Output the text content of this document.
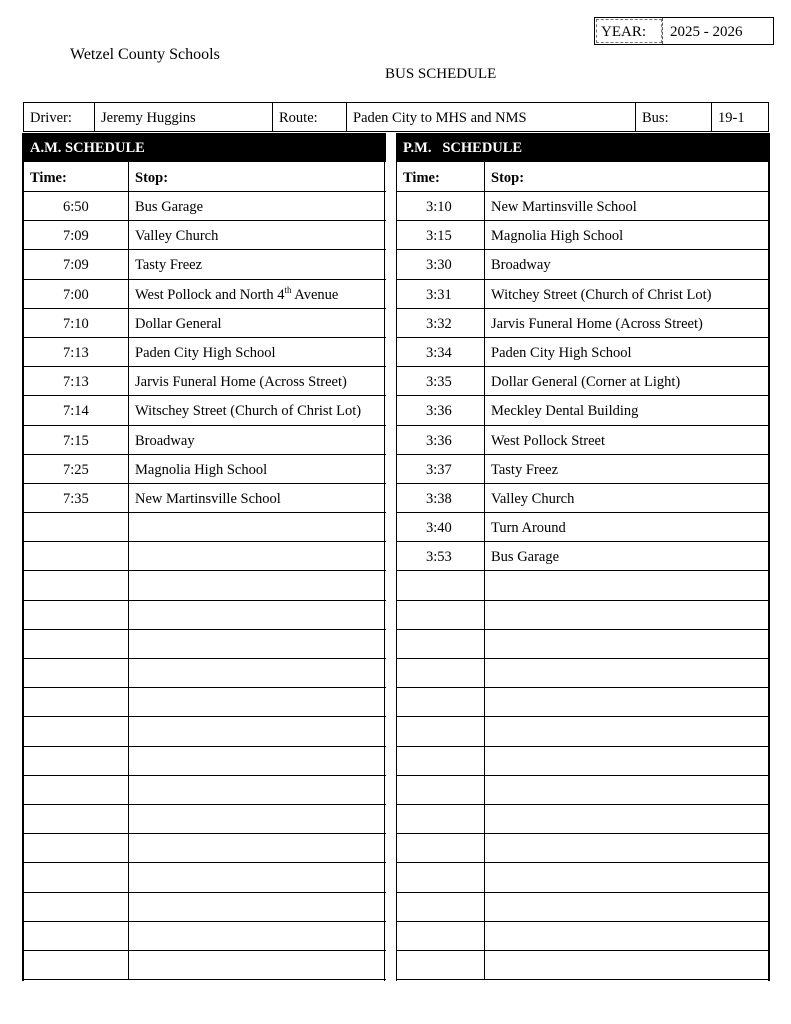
YEAR:	2025 - 2026
Wetzel County Schools
BUS SCHEDULE
Driver:	Jeremy Huggins	Route:	Paden City to MHS and NMS	Bus:	19-1
A.M. SCHEDULE
Time:	Stop:
6:50	Bus Garage
7:09	Valley Church
7:09	Tasty Freez
7:00	West Pollock and North 4th Avenue
7:10	Dollar General
7:13	Paden City High School
7:13	Jarvis Funeral Home (Across Street)
7:14	Witschey Street (Church of Christ Lot)
7:15	Broadway
7:25	Magnolia High School
7:35	New Martinsville School
P.M.   SCHEDULE
Time:	Stop:
3:10	New Martinsville School
3:15	Magnolia High School
3:30	Broadway
3:31	Witchey Street (Church of Christ Lot)
3:32	Jarvis Funeral Home (Across Street)
3:34	Paden City High School
3:35	Dollar General (Corner at Light)
3:36	Meckley Dental Building
3:36	West Pollock Street
3:37	Tasty Freez
3:38	Valley Church
3:40	Turn Around
3:53	Bus Garage
